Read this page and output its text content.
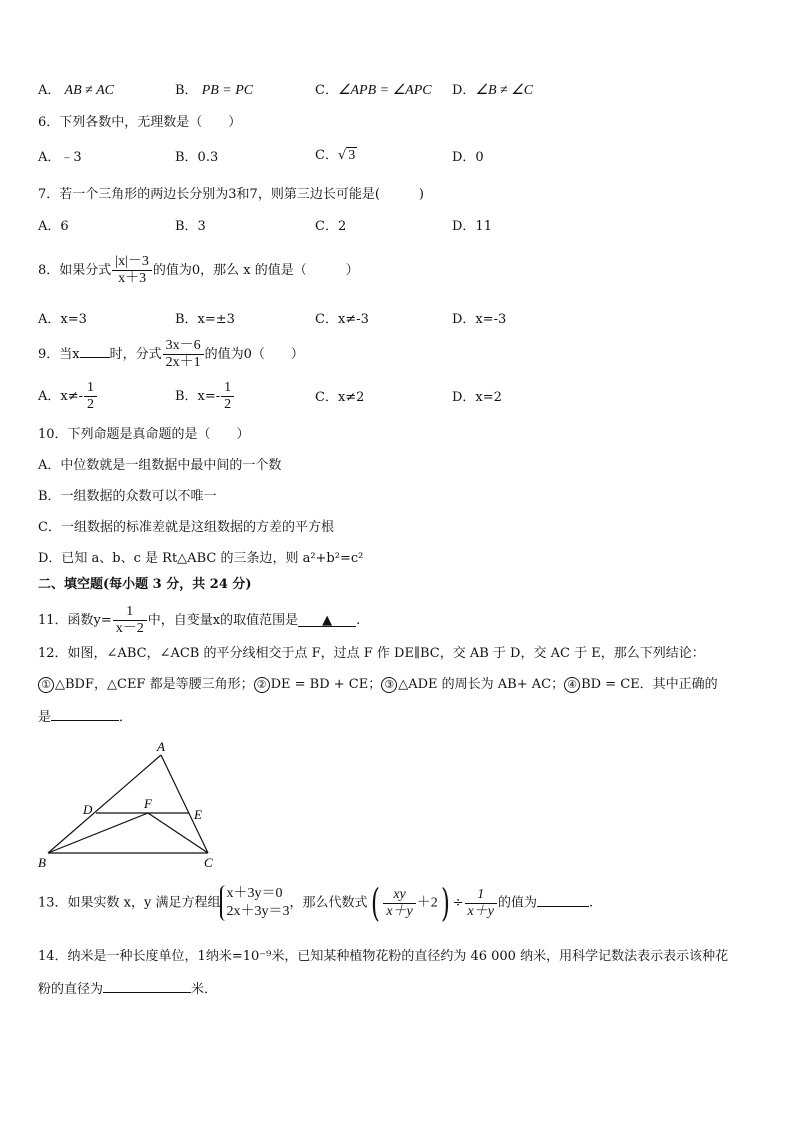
A． AB ≠ AC	B． PB = PC	C．∠APB = ∠APC D．∠B ≠ ∠C
6．下列各数中，无理数是（　　）
A．﹣3	B．0.3	C．√ 3	D．0
7．若一个三角形的两边长分别为3和7，则第三边长可能是(　　　)
A．6	B．3	C．2	D．11
8．如果分式 $\frac{|x|-3}{x+3}$ 的值为0，那么 x 的值是（　　　）
A．x=3	B．x=±3	C．x≠-3	D．x=-3
9．当x 时，分式 $\frac{3x-6}{2x+1}$ 的值为0（　　）
A．$x\ne- \frac{1}{2}$	B．$x=- \frac{1}{2}$	C．x≠2	D．x=2
10．下列命题是真命题的是（　　）
A．中位数就是一组数据中最中间的一个数
B．一组数据的众数可以不唯一
C．一组数据的标准差就是这组数据的方差的平方根
D．已知 a、b、c 是 Rt△ABC 的三条边，则 a²+b²=c²
二、填空题(每小题 3 分，共 24 分)
11．函数$y= \frac{1}{x-2}$ 中，自变量x的取值范围是 ▲ .
12．如图，∠ABC，∠ACB 的平分线相交于点 F，过点 F 作 DE∥BC，交 AB 于 D，交 AC 于 E，那么下列结论：
① △BDF，△CEF 都是等腰三角形； ② DE = BD + CE； ③ △ADE 的周长为 AB+ AC； ④ BD = CE．其中正确的
是	．
A
B	C
D	E
F
13．如果实数 x，y 满足方程组
x＋3y＝0
2x＋3y＝3
，那么代数式( $\frac{xy}{x+y} +2) \div \frac{1}{x+y}$ 的值为	.
14．纳米是一种长度单位，1纳米=10⁻⁹米，已知某种植物花粉的直径约为 46 000 纳米，用科学记数法表示表示该种花
粉的直径为	米．
